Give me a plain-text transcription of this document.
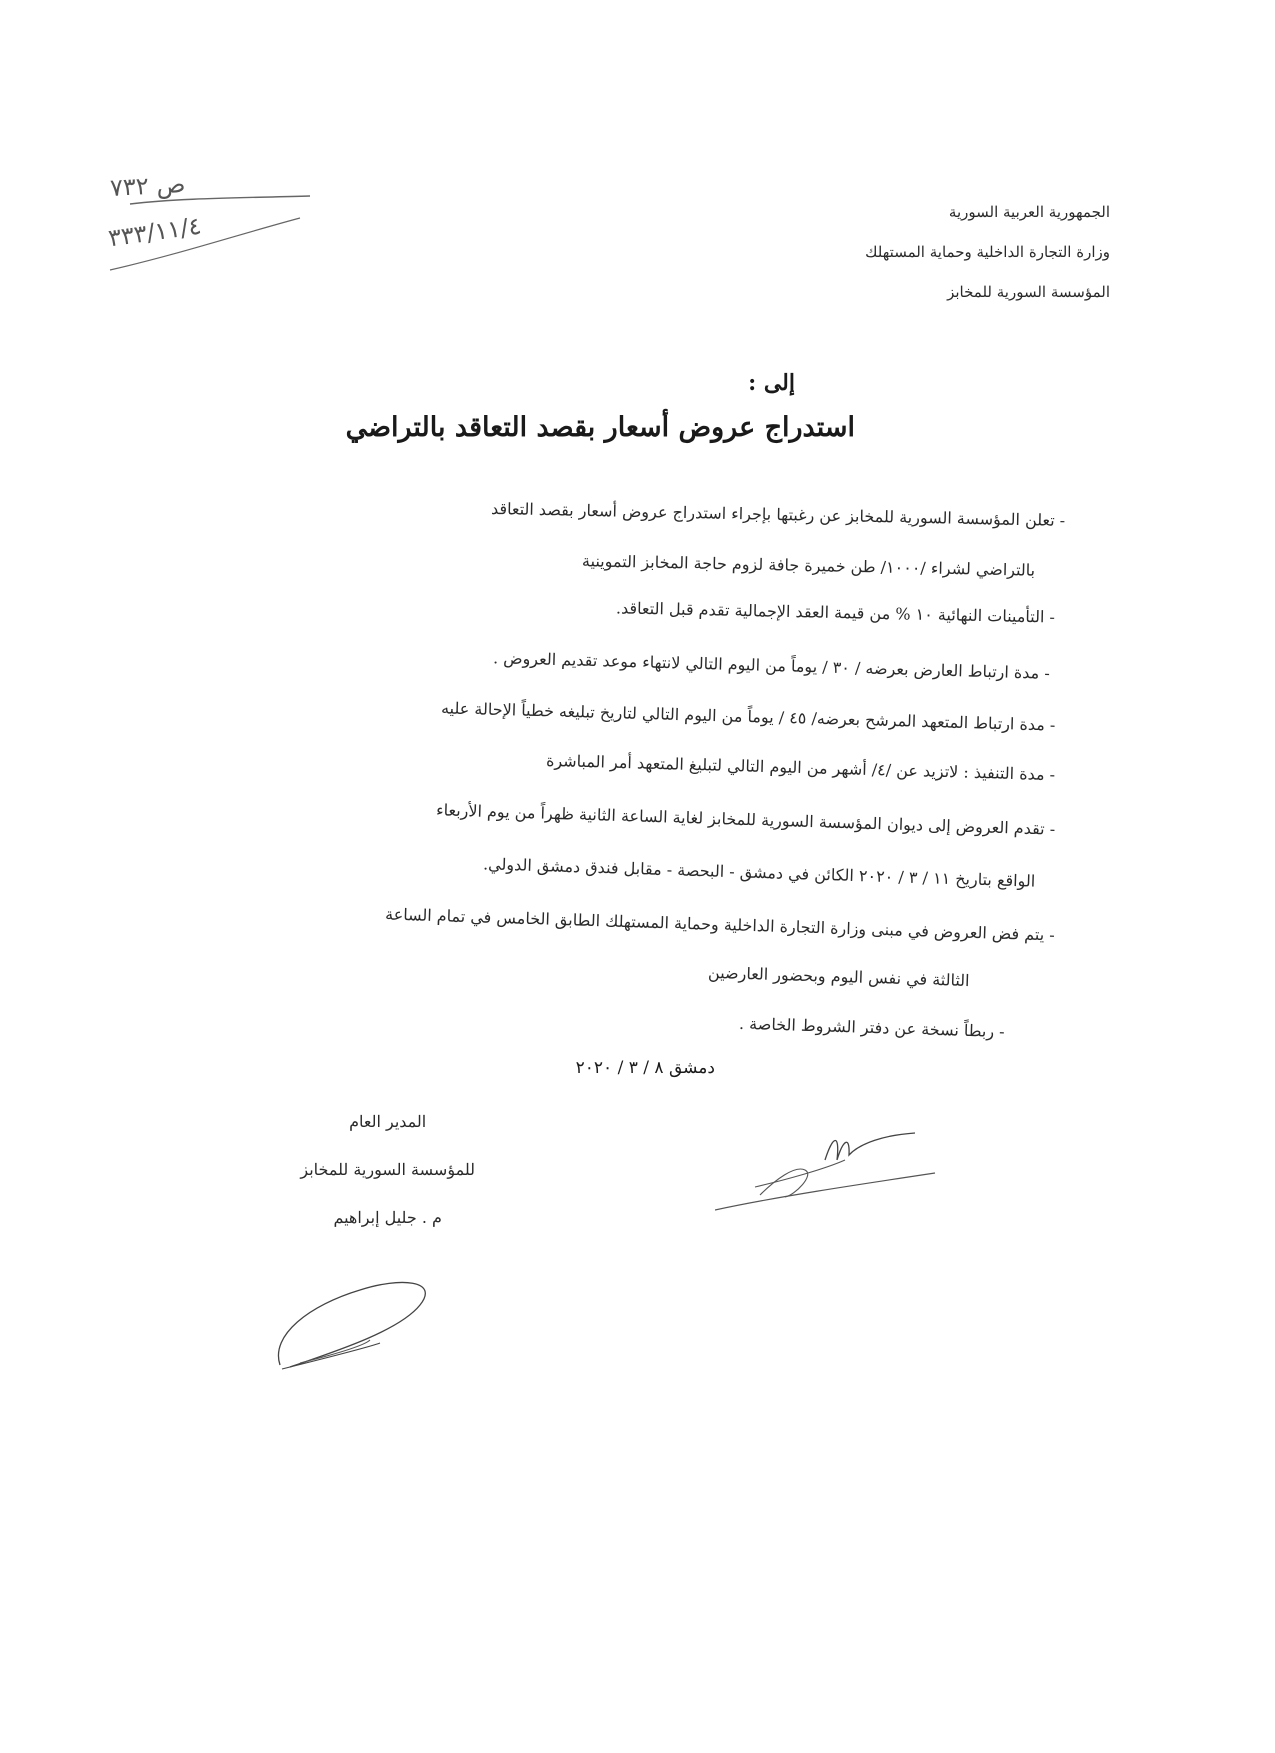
الجمهورية العربية السورية
وزارة التجارة الداخلية وحماية المستهلك
المؤسسة السورية للمخابز
ص ٧٣٢
٣٣٣/١١/٤
إلى :
استدراج عروض أسعار بقصد التعاقد بالتراضي
- تعلن المؤسسة السورية للمخابز عن رغبتها بإجراء استدراج عروض أسعار بقصد التعاقد
بالتراضي لشراء /١٠٠٠/ طن خميرة جافة لزوم حاجة المخابز التموينية
- التأمينات النهائية ١٠ % من قيمة العقد الإجمالية تقدم قبل التعاقد.
- مدة ارتباط العارض بعرضه / ٣٠ / يوماً من اليوم التالي لانتهاء موعد تقديم العروض .
- مدة ارتباط المتعهد المرشح بعرضه/ ٤٥ / يوماً من اليوم التالي لتاريخ تبليغه خطياً الإحالة عليه
- مدة التنفيذ : لاتزيد عن /٤/ أشهر من اليوم التالي لتبليغ المتعهد أمر المباشرة
- تقدم العروض إلى ديوان المؤسسة السورية للمخابز لغاية الساعة الثانية ظهراً من يوم الأربعاء
الواقع بتاريخ ١١ / ٣ / ٢٠٢٠ الكائن في دمشق - البحصة - مقابل فندق دمشق الدولي.
- يتم فض العروض في مبنى وزارة التجارة الداخلية وحماية المستهلك الطابق الخامس في تمام الساعة
الثالثة في نفس اليوم وبحضور العارضين
- ربطاً نسخة عن دفتر الشروط الخاصة .
دمشق ٨ / ٣ / ٢٠٢٠
المدير العام
للمؤسسة السورية للمخابز
م . جليل إبراهيم
